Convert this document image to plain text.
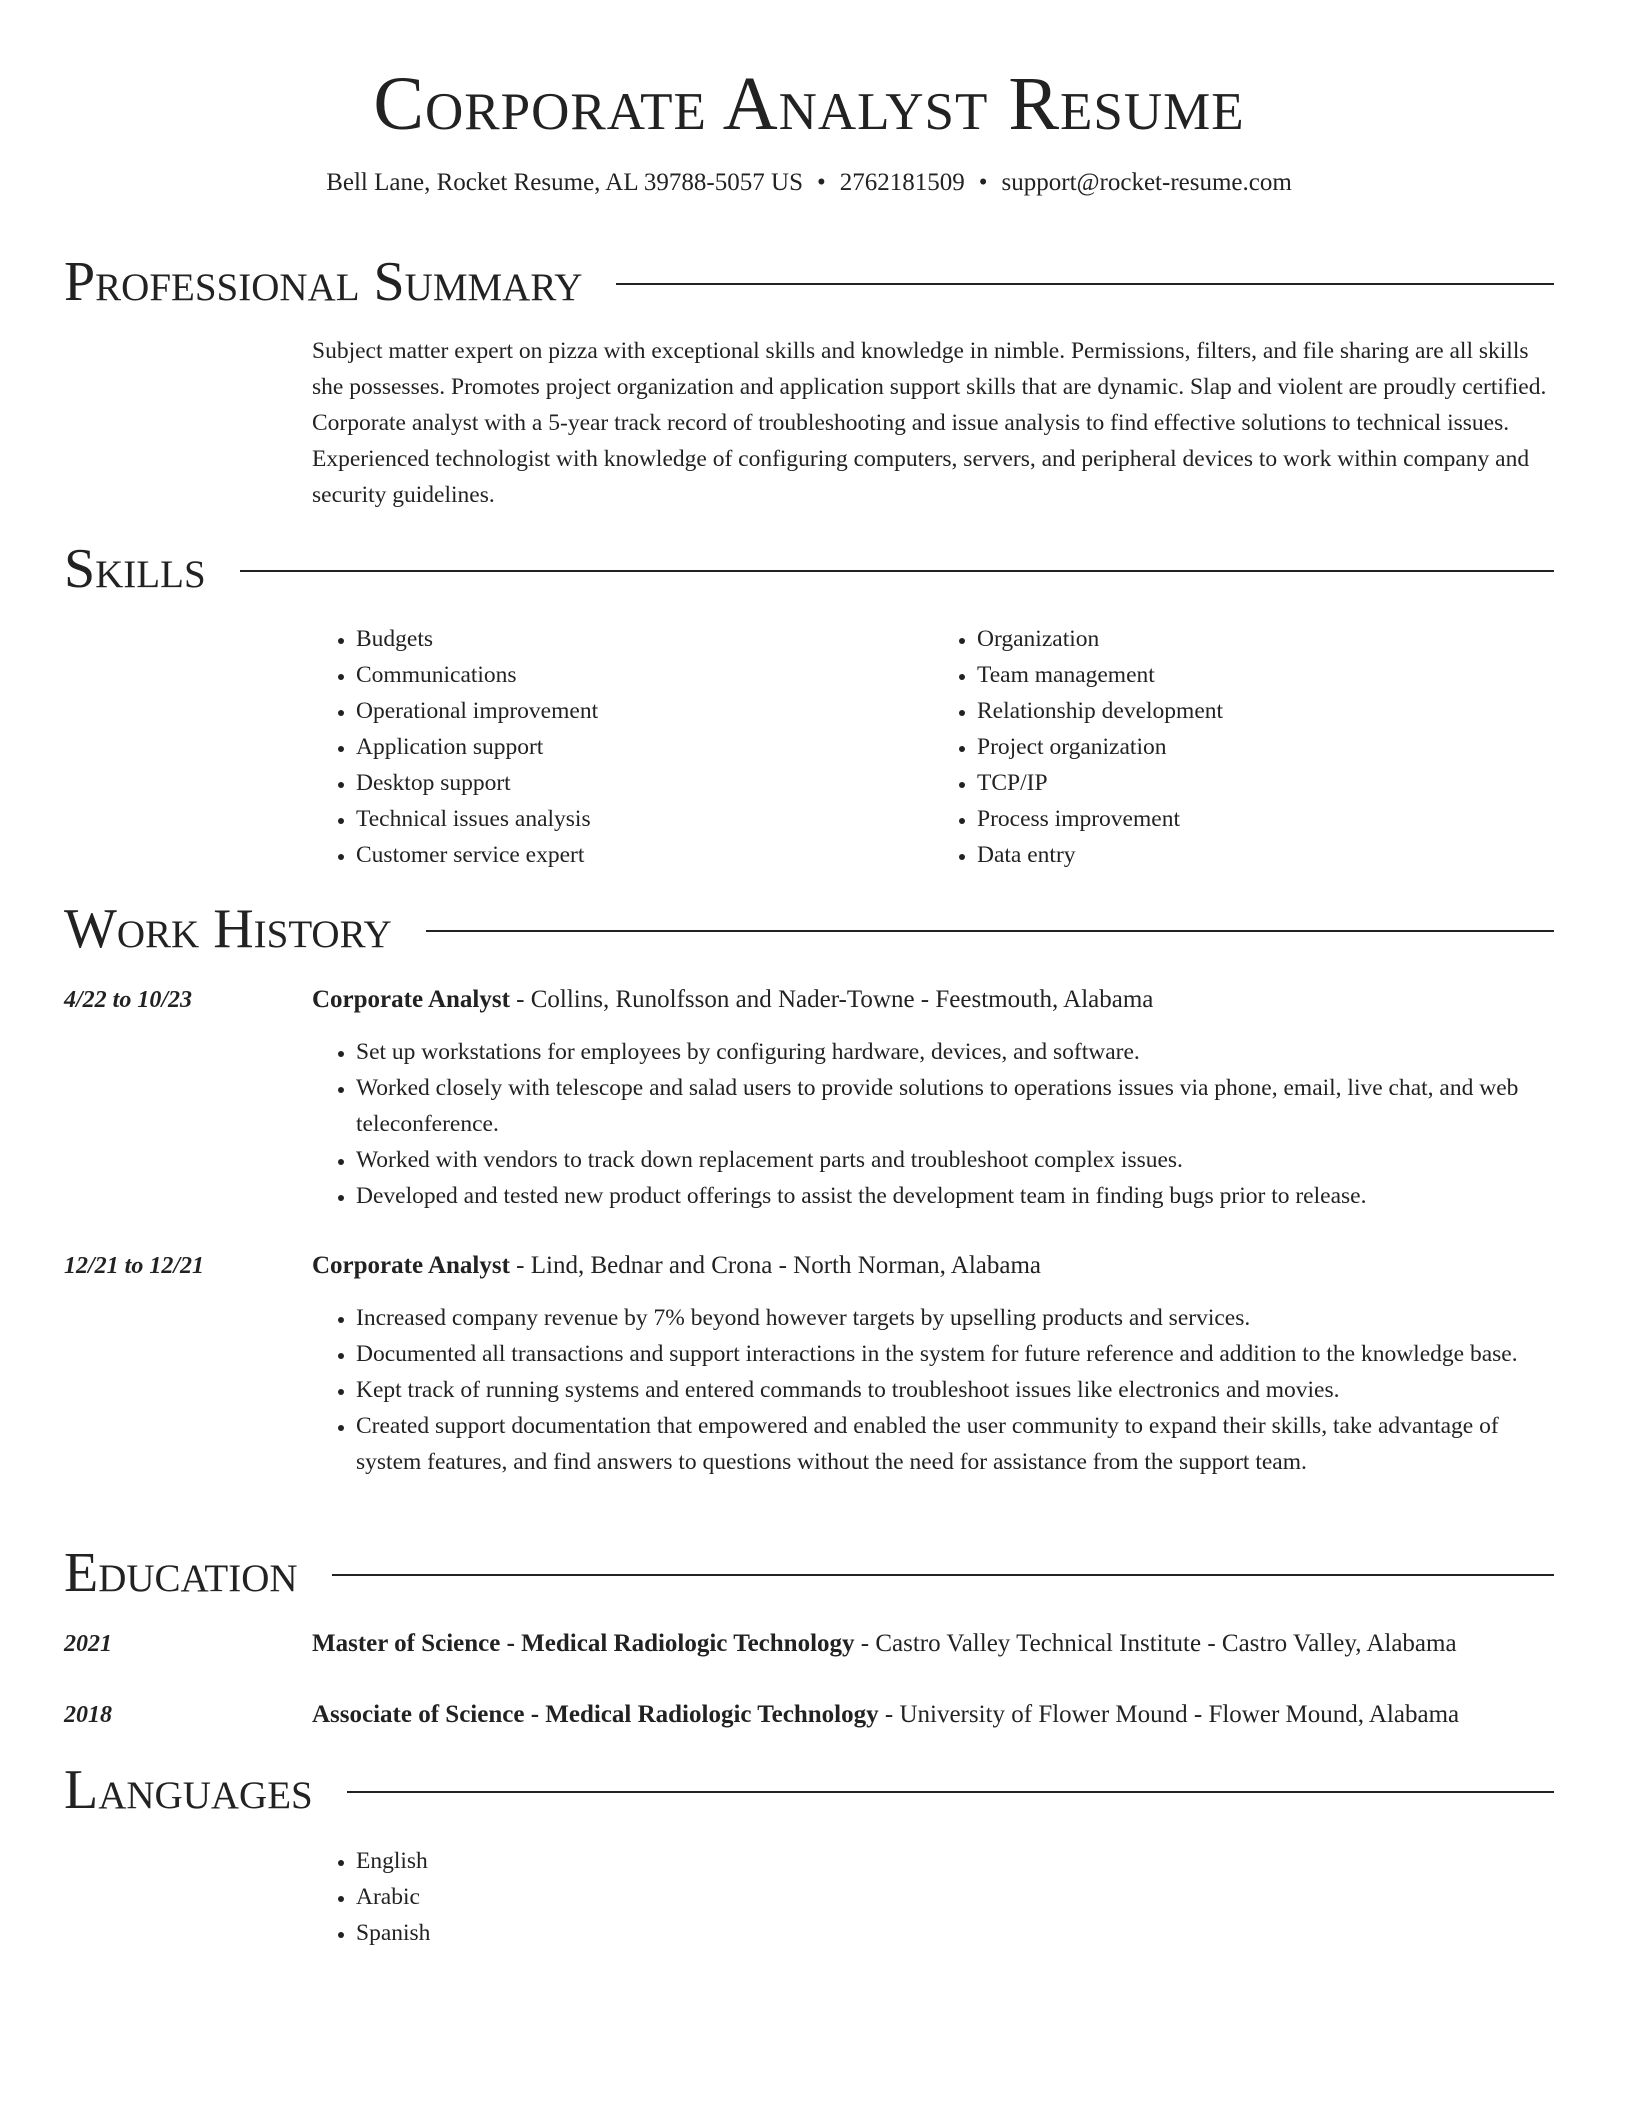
Corporate Analyst Resume
Bell Lane, Rocket Resume, AL 39788-5057 US • 2762181509 • support@rocket-resume.com
Professional Summary

Subject matter expert on pizza with exceptional skills and knowledge in nimble. Permissions, filters, and file sharing are all skills she possesses. Promotes project organization and application support skills that are dynamic. Slap and violent are proudly certified. Corporate analyst with a 5-year track record of troubleshooting and issue analysis to find effective solutions to technical issues. Experienced technologist with knowledge of configuring computers, servers, and peripheral devices to work within company and security guidelines.

Skills
• Budgets
• Communications
• Operational improvement
• Application support
• Desktop support
• Technical issues analysis
• Customer service expert
• Organization
• Team management
• Relationship development
• Project organization
• TCP/IP
• Process improvement
• Data entry
Work History
4/22 to 10/23	Corporate Analyst - Collins, Runolfsson and Nader-Towne - Feestmouth, Alabama
• Set up workstations for employees by configuring hardware, devices, and software.
• Worked closely with telescope and salad users to provide solutions to operations issues via phone, email, live chat, and web teleconference.
• Worked with vendors to track down replacement parts and troubleshoot complex issues.
• Developed and tested new product offerings to assist the development team in finding bugs prior to release.
12/21 to 12/21	Corporate Analyst - Lind, Bednar and Crona - North Norman, Alabama
• Increased company revenue by 7% beyond however targets by upselling products and services.
• Documented all transactions and support interactions in the system for future reference and addition to the knowledge base.
• Kept track of running systems and entered commands to troubleshoot issues like electronics and movies.
• Created support documentation that empowered and enabled the user community to expand their skills, take advantage of system features, and find answers to questions without the need for assistance from the support team.
Education
2021	Master of Science - Medical Radiologic Technology - Castro Valley Technical Institute - Castro Valley, Alabama
2018	Associate of Science - Medical Radiologic Technology - University of Flower Mound - Flower Mound, Alabama
Languages
• English
• Arabic
• Spanish
